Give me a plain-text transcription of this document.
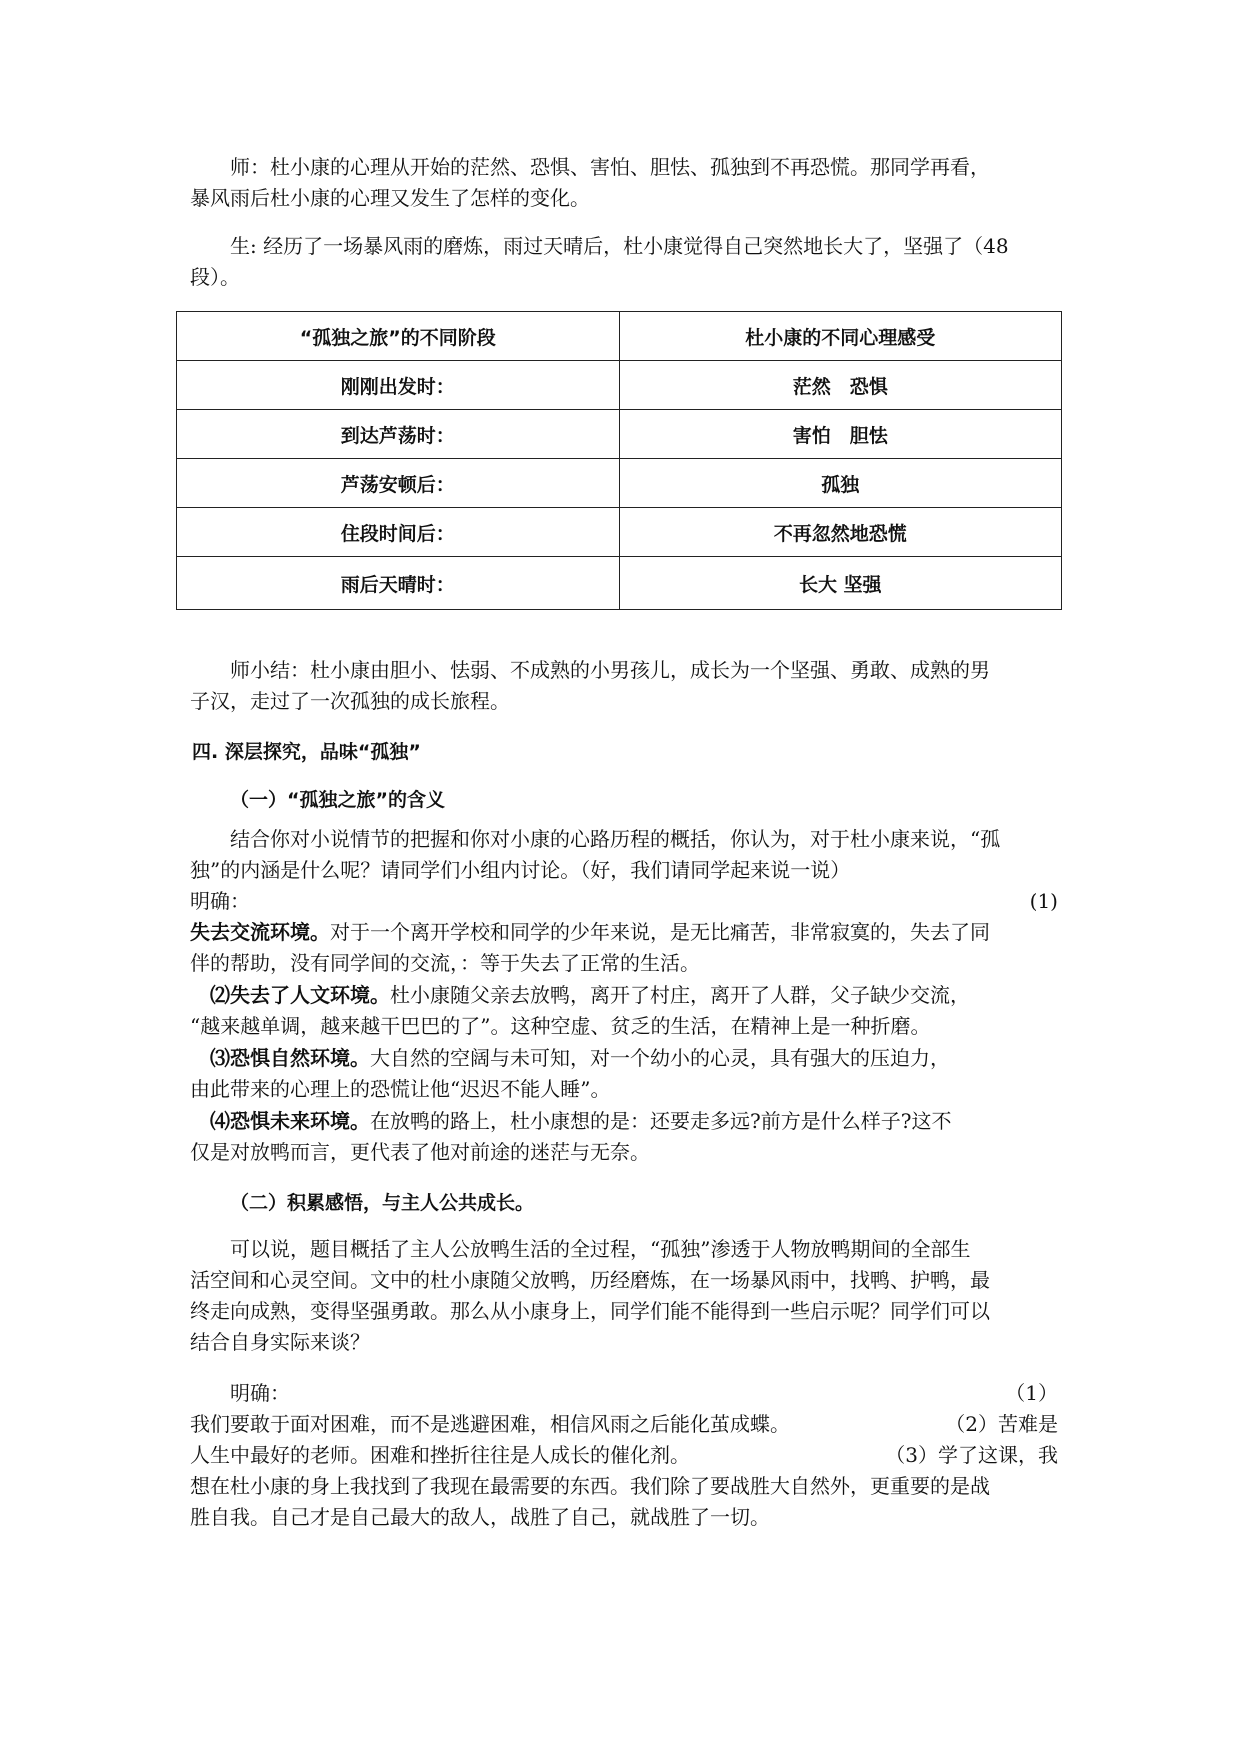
师：杜小康的心理从开始的茫然、恐惧、害怕、胆怯、孤独到不再恐慌。那同学再看，
暴风雨后杜小康的心理又发生了怎样的变化。
生: 经历了一场暴风雨的磨炼，雨过天晴后，杜小康觉得自己突然地长大了，坚强了（48
段）。
“孤独之旅”的不同阶段	杜小康的不同心理感受
刚刚出发时：	茫然　恐惧
到达芦荡时：	害怕　胆怯
芦荡安顿后：	孤独
住段时间后：	不再忽然地恐慌
雨后天晴时：	长大 坚强
师小结：杜小康由胆小、怯弱、不成熟的小男孩儿，成长为一个坚强、勇敢、成熟的男
子汉，走过了一次孤独的成长旅程。
四. 深层探究，品味“孤独”
（一）“孤独之旅”的含义
结合你对小说情节的把握和你对小康的心路历程的概括，你认为，对于杜小康来说，“孤
独”的内涵是什么呢？请同学们小组内讨论。（好，我们请同学起来说一说）
明确：	(1)
失去交流环境。对于一个离开学校和同学的少年来说，是无比痛苦，非常寂寞的，失去了同
伴的帮助，没有同学间的交流，：等于失去了正常的生活。
⑵失去了人文环境。杜小康随父亲去放鸭，离开了村庄，离开了人群，父子缺少交流，
“越来越单调，越来越干巴巴的了”。这种空虚、贫乏的生活，在精神上是一种折磨。
⑶恐惧自然环境。大自然的空阔与未可知，对一个幼小的心灵，具有强大的压迫力，
由此带来的心理上的恐慌让他“迟迟不能人睡”。
⑷恐惧未来环境。在放鸭的路上，杜小康想的是：还要走多远?前方是什么样子?这不
仅是对放鸭而言，更代表了他对前途的迷茫与无奈。
（二）积累感悟，与主人公共成长。
可以说，题目概括了主人公放鸭生活的全过程，“孤独”渗透于人物放鸭期间的全部生
活空间和心灵空间。文中的杜小康随父放鸭，历经磨炼，在一场暴风雨中，找鸭、护鸭，最
终走向成熟，变得坚强勇敢。那么从小康身上，同学们能不能得到一些启示呢？同学们可以
结合自身实际来谈？
明确：	（1）
我们要敢于面对困难，而不是逃避困难，相信风雨之后能化茧成蝶。	（2）苦难是
人生中最好的老师。困难和挫折往往是人成长的催化剂。	（3）学了这课，我
想在杜小康的身上我找到了我现在最需要的东西。我们除了要战胜大自然外，更重要的是战
胜自我。自己才是自己最大的敌人，战胜了自己，就战胜了一切。
